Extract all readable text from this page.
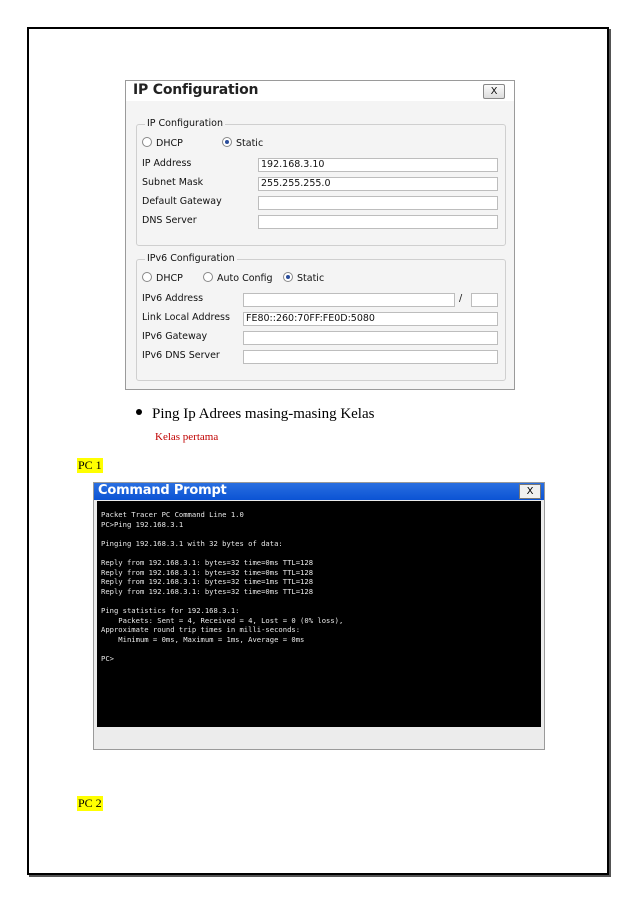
IP Configuration	X
IP Configuration
DHCP	Static
IP Address	192.168.3.10
Subnet Mask	255.255.255.0
Default Gateway
DNS Server
IPv6 Configuration
DHCP	Auto Config	Static
IPv6 Address	/
Link Local Address	FE80::260:70FF:FE0D:5080
IPv6 Gateway
IPv6 DNS Server
Ping Ip Adrees masing-masing Kelas
Kelas pertama
PC 1
Command Prompt	X
Packet Tracer PC Command Line 1.0
PC>Ping 192.168.3.1

Pinging 192.168.3.1 with 32 bytes of data:

Reply from 192.168.3.1: bytes=32 time=0ms TTL=128
Reply from 192.168.3.1: bytes=32 time=0ms TTL=128
Reply from 192.168.3.1: bytes=32 time=1ms TTL=128
Reply from 192.168.3.1: bytes=32 time=0ms TTL=128

Ping statistics for 192.168.3.1:
Packets: Sent = 4, Received = 4, Lost = 0 (0% loss),
Approximate round trip times in milli-seconds:
Minimum = 0ms, Maximum = 1ms, Average = 0ms

PC>
PC 2
